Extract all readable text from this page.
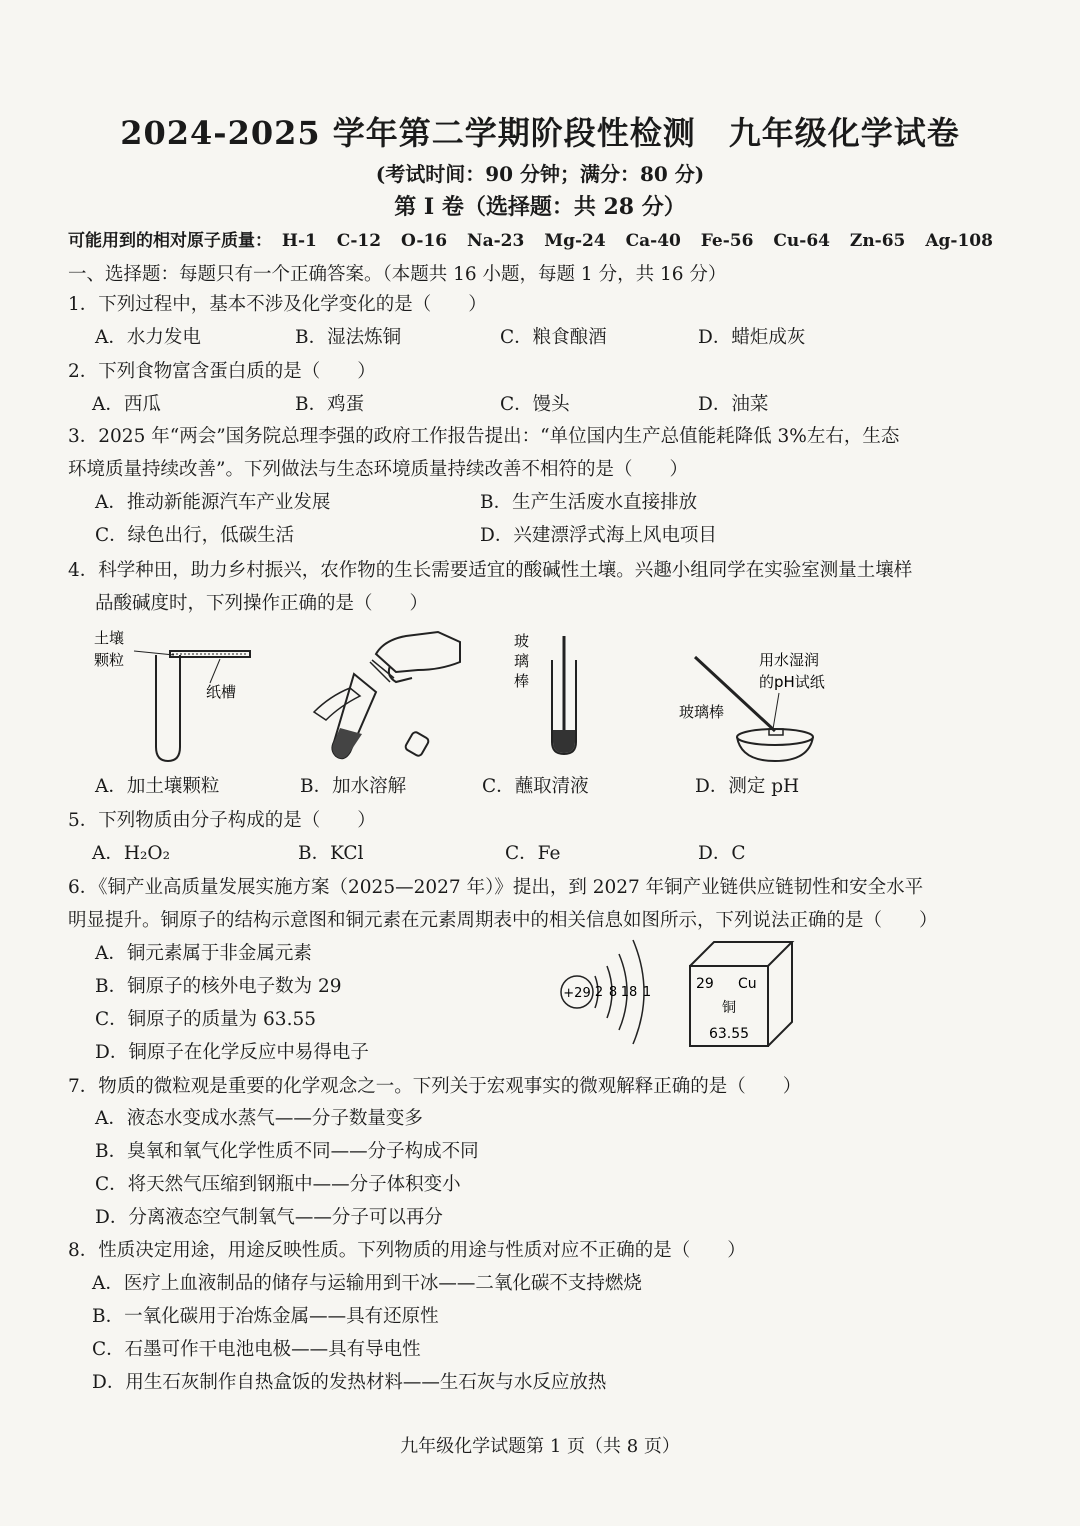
2024-2025 学年第二学期阶段性检测　九年级化学试卷
(考试时间：90 分钟；满分：80 分)
第 Ⅰ 卷（选择题：共 28 分）
可能用到的相对原子质量： H-1 C-12 O-16 Na-23 Mg-24 Ca-40 Fe-56 Cu-64 Zn-65 Ag-108
一、选择题：每题只有一个正确答案。（本题共 16 小题，每题 1 分，共 16 分）
1．下列过程中，基本不涉及化学变化的是（　　）
A．水力发电	B．湿法炼铜	C．粮食酿酒	D．蜡炬成灰
2．下列食物富含蛋白质的是（　　）
A．西瓜	B．鸡蛋	C．馒头	D．油菜
3．2025 年“两会”国务院总理李强的政府工作报告提出：“单位国内生产总值能耗降低 3%左右，生态
环境质量持续改善”。下列做法与生态环境质量持续改善不相符的是（　　）
A．推动新能源汽车产业发展	B．生产生活废水直接排放
C．绿色出行，低碳生活	D．兴建漂浮式海上风电项目
4．科学种田，助力乡村振兴，农作物的生长需要适宜的酸碱性土壤。兴趣小组同学在实验室测量土壤样
品酸碱度时，下列操作正确的是（　　）
土壤
颗粒
纸槽
玻
璃
棒
用水湿润
的pH试纸
玻璃棒
A．加土壤颗粒	B．加水溶解	C．蘸取清液	D．测定 pH
5．下列物质由分子构成的是（　　）
A．H₂O₂	B．KCl	C．Fe	D．C
6．《铜产业高质量发展实施方案（2025—2027 年）》提出，到 2027 年铜产业链供应链韧性和安全水平
明显提升。铜原子的结构示意图和铜元素在元素周期表中的相关信息如图所示，下列说法正确的是（　　）
A．铜元素属于非金属元素
B．铜原子的核外电子数为 29
C．铜原子的质量为 63.55
D．铜原子在化学反应中易得电子
+29 2 8 18 1
29 Cu
铜
63.55
7．物质的微粒观是重要的化学观念之一。下列关于宏观事实的微观解释正确的是（　　）
A．液态水变成水蒸气——分子数量变多
B．臭氧和氧气化学性质不同——分子构成不同
C．将天然气压缩到钢瓶中——分子体积变小
D．分离液态空气制氧气——分子可以再分
8．性质决定用途，用途反映性质。下列物质的用途与性质对应不正确的是（　　）
A．医疗上血液制品的储存与运输用到干冰——二氧化碳不支持燃烧
B．一氧化碳用于冶炼金属——具有还原性
C．石墨可作干电池电极——具有导电性
D．用生石灰制作自热盒饭的发热材料——生石灰与水反应放热
九年级化学试题第 1 页（共 8 页）
